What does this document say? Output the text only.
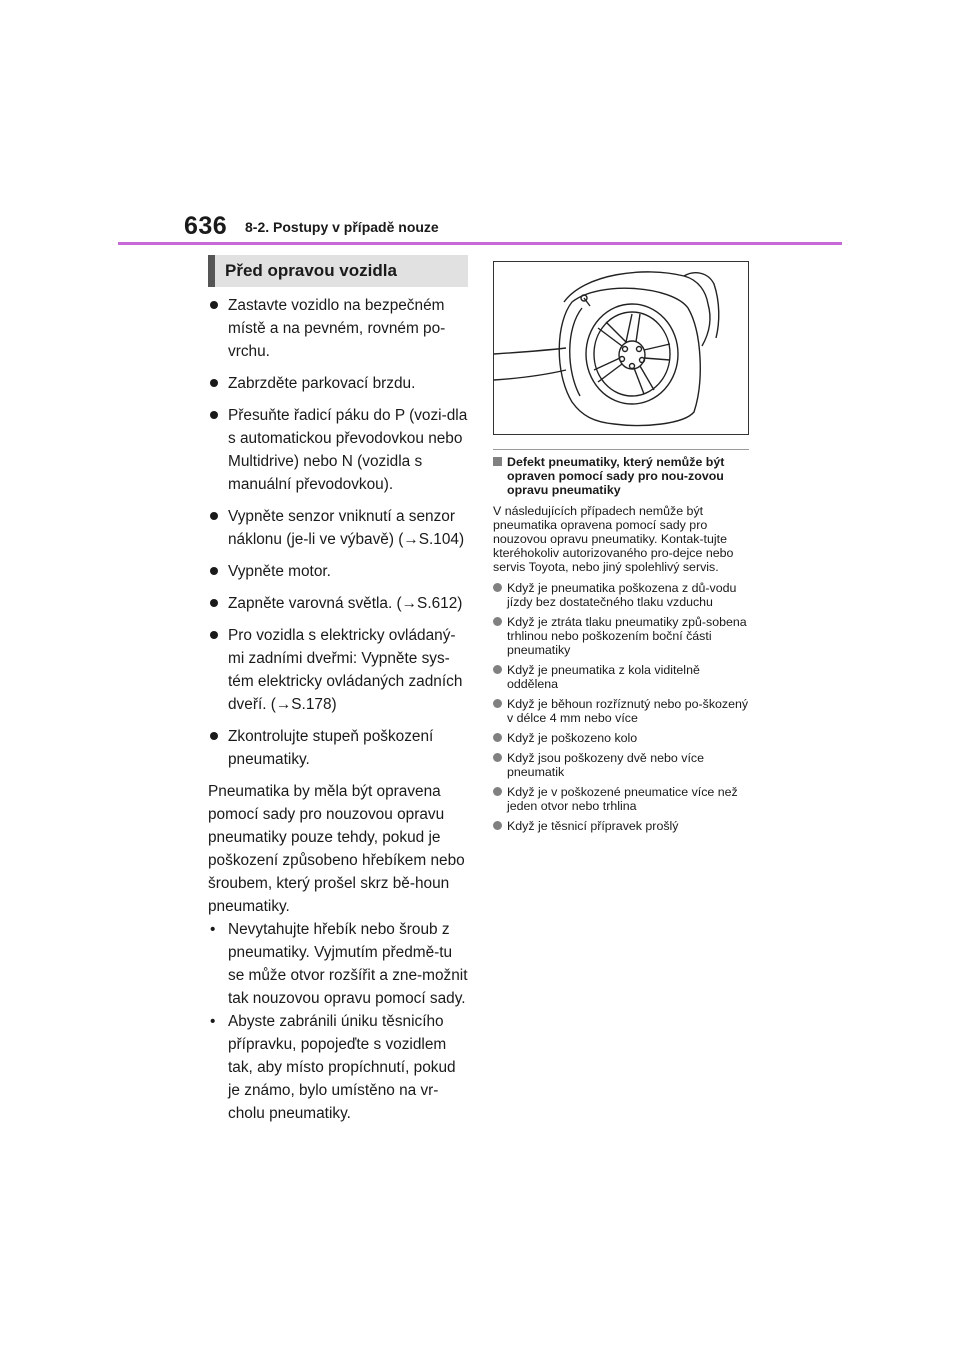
636 8-2. Postupy v případě nouze
Před opravou vozidla
Zastavte vozidlo na bezpečném místě a na pevném, rovném po-vrchu.
Zabrzděte parkovací brzdu.
Přesuňte řadicí páku do P (vozi-dla s automatickou převodovkou nebo Multidrive) nebo N (vozidla s manuální převodovkou).
Vypněte senzor vniknutí a senzor náklonu (je-li ve výbavě) (→S.104)
Vypněte motor.
Zapněte varovná světla. (→S.612)
Pro vozidla s elektricky ovládaný-mi zadními dveřmi: Vypněte sys-tém elektricky ovládaných zadních dveří. (→S.178)
Zkontrolujte stupeň poškození pneumatiky.

Pneumatika by měla být opravena pomocí sady pro nouzovou opravu pneumatiky pouze tehdy, pokud je poškození způsobeno hřebíkem nebo šroubem, který prošel skrz bě-houn pneumatiky.

• Nevytahujte hřebík nebo šroub z pneumatiky. Vyjmutím předmě-tu se může otvor rozšířit a zne-možnit tak nouzovou opravu pomocí sady.
• Abyste zabránili úniku těsnicího přípravku, popojeďte s vozidlem tak, aby místo propíchnutí, pokud je známo, bylo umístěno na vr-cholu pneumatiky.
Defekt pneumatiky, který nemůže být opraven pomocí sady pro nou-zovou opravu pneumatiky
V následujících případech nemůže být pneumatika opravena pomocí sady pro nouzovou opravu pneumatiky. Kontak-tujte kteréhokoliv autorizovaného pro-dejce nebo servis Toyota, nebo jiný spolehlivý servis.
Když je pneumatika poškozena z dů-vodu jízdy bez dostatečného tlaku vzduchu
Když je ztráta tlaku pneumatiky způ-sobena trhlinou nebo poškozením boční části pneumatiky
Když je pneumatika z kola viditelně oddělena
Když je běhoun rozříznutý nebo po-škozený v délce 4 mm nebo více
Když je poškozeno kolo
Když jsou poškozeny dvě nebo více pneumatik
Když je v poškozené pneumatice více než jeden otvor nebo trhlina
Když je těsnicí přípravek prošlý
